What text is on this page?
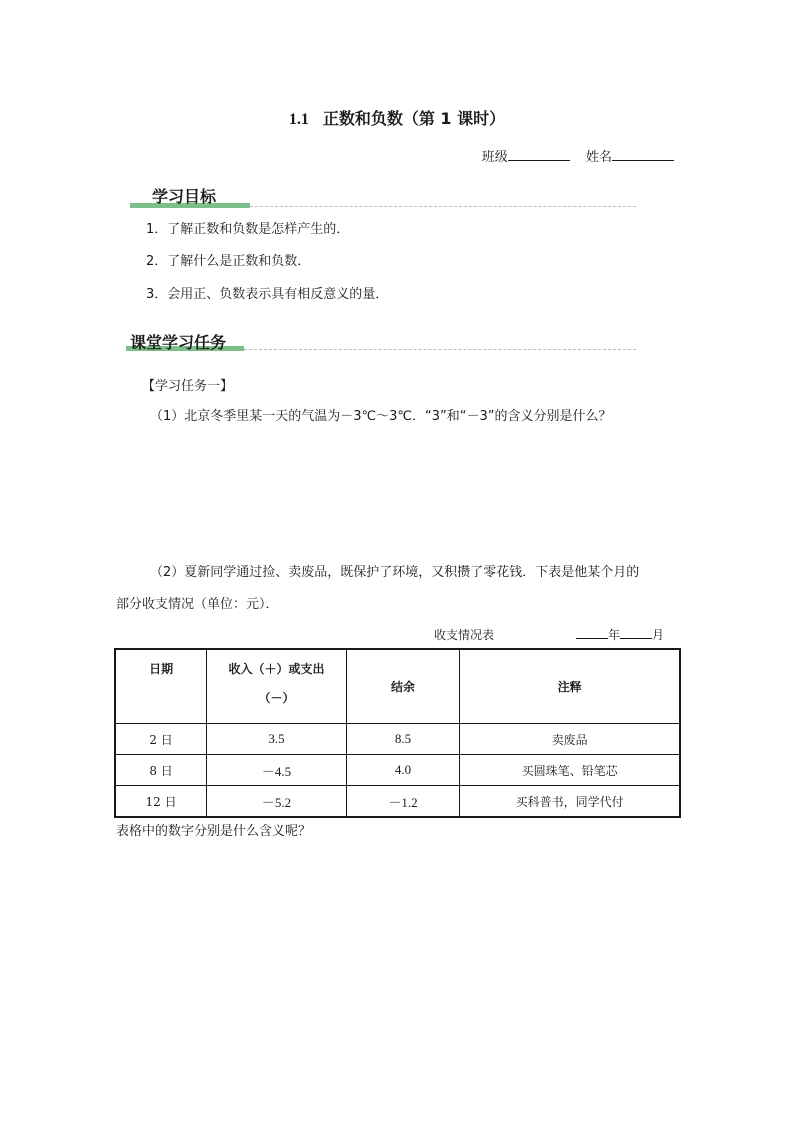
1.1 正数和负数（第 1 课时）
班级	姓名
学习目标
1．了解正数和负数是怎样产生的．
2．了解什么是正数和负数．
3．会用正、负数表示具有相反意义的量．
课堂学习任务
【学习任务一】
（1）北京冬季里某一天的气温为－3℃～3℃．“3”和“－3”的含义分别是什么？
（2）夏新同学通过捡、卖废品，既保护了环境，又积攒了零花钱．下表是他某个月的
部分收支情况（单位：元）．
收支情况表	年	月
日期	收入（＋）或支出
（－）	结余	注释
2 日	3.5	8.5	卖废品
8 日	－4.5	4.0	买圆珠笔、铅笔芯
12 日	－5.2	－1.2	买科普书，同学代付
表格中的数字分别是什么含义呢？
